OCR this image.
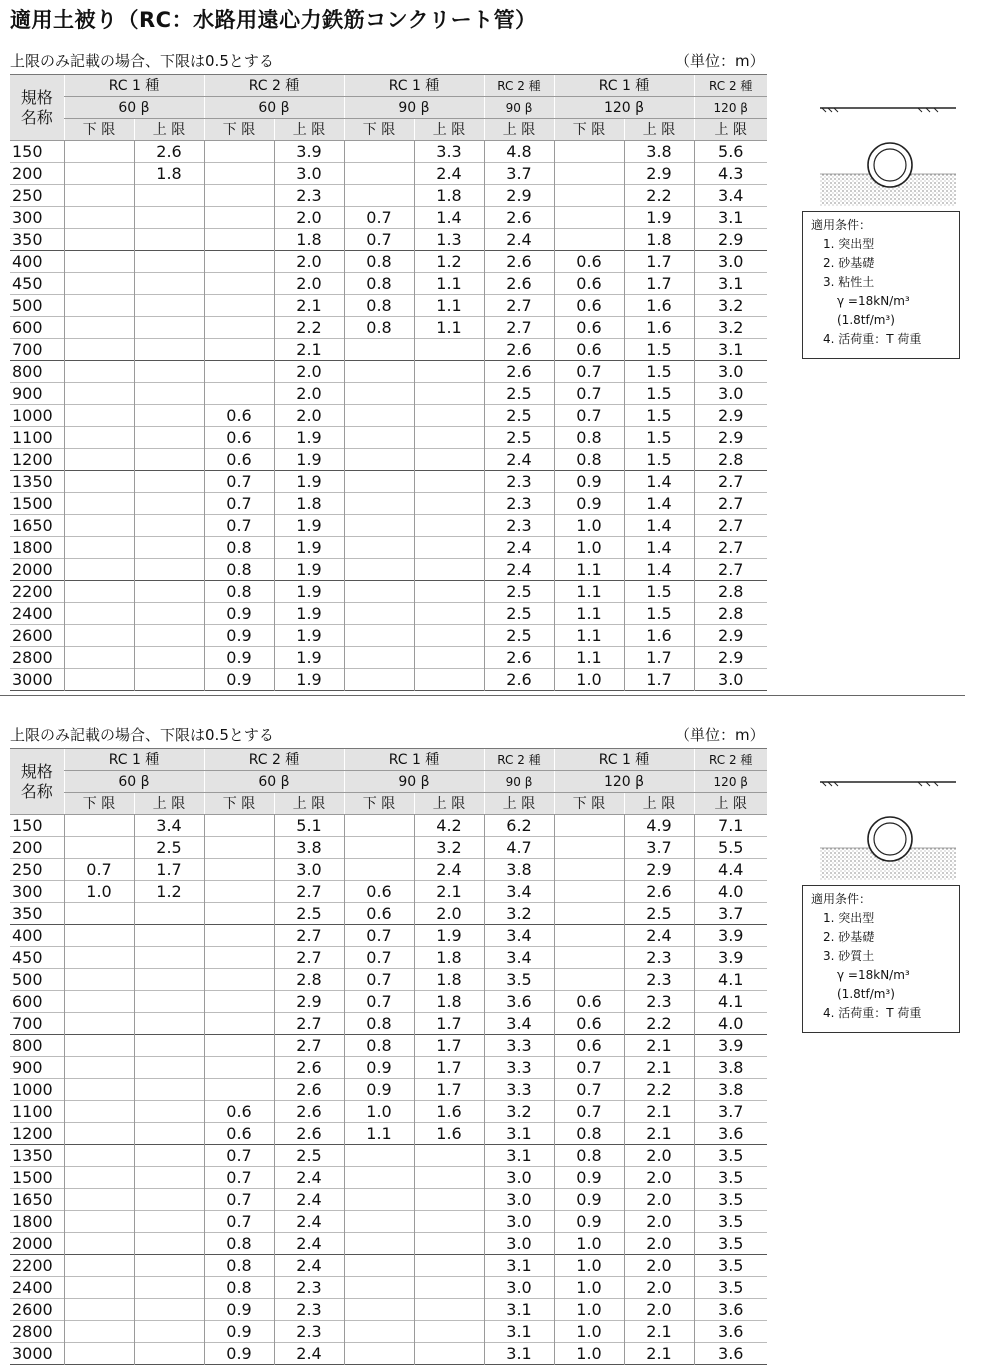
適用土被り（RC：水路用遠心力鉄筋コンクリート管）
上限のみ記載の場合、下限は0.5とする	（単位：m）
規格
名称	RC 1 種		RC 2 種		RC 1 種		RC 2 種	RC 1 種		RC 2 種
	60 β		60 β		90 β		90 β	120 β		120 β
	下 限	上 限	下 限	上 限	下 限	上 限	上 限	下 限	上 限	上 限
150		2.6		3.9		3.3	4.8		3.8	5.6
200		1.8		3.0		2.4	3.7		2.9	4.3
250				2.3		1.8	2.9		2.2	3.4
300				2.0	0.7	1.4	2.6		1.9	3.1
350				1.8	0.7	1.3	2.4		1.8	2.9
400				2.0	0.8	1.2	2.6	0.6	1.7	3.0
450				2.0	0.8	1.1	2.6	0.6	1.7	3.1
500				2.1	0.8	1.1	2.7	0.6	1.6	3.2
600				2.2	0.8	1.1	2.7	0.6	1.6	3.2
700				2.1			2.6	0.6	1.5	3.1
800				2.0			2.6	0.7	1.5	3.0
900				2.0			2.5	0.7	1.5	3.0
1000			0.6	2.0			2.5	0.7	1.5	2.9
1100			0.6	1.9			2.5	0.8	1.5	2.9
1200			0.6	1.9			2.4	0.8	1.5	2.8
1350			0.7	1.9			2.3	0.9	1.4	2.7
1500			0.7	1.8			2.3	0.9	1.4	2.7
1650			0.7	1.9			2.3	1.0	1.4	2.7
1800			0.8	1.9			2.4	1.0	1.4	2.7
2000			0.8	1.9			2.4	1.1	1.4	2.7
2200			0.8	1.9			2.5	1.1	1.5	2.8
2400			0.9	1.9			2.5	1.1	1.5	2.8
2600			0.9	1.9			2.5	1.1	1.6	2.9
2800			0.9	1.9			2.6	1.1	1.7	2.9
3000			0.9	1.9			2.6	1.0	1.7	3.0
適用条件：
1. 突出型
2. 砂基礎
3. 粘性土
γ =18kN/m³
(1.8tf/m³)
4. 活荷重：T 荷重
上限のみ記載の場合、下限は0.5とする	（単位：m）
規格
名称	RC 1 種		RC 2 種		RC 1 種		RC 2 種	RC 1 種		RC 2 種
	60 β		60 β		90 β		90 β	120 β		120 β
	下 限	上 限	下 限	上 限	下 限	上 限	上 限	下 限	上 限	上 限
150		3.4		5.1		4.2	6.2		4.9	7.1
200		2.5		3.8		3.2	4.7		3.7	5.5
250	0.7	1.7		3.0		2.4	3.8		2.9	4.4
300	1.0	1.2		2.7	0.6	2.1	3.4		2.6	4.0
350				2.5	0.6	2.0	3.2		2.5	3.7
400				2.7	0.7	1.9	3.4		2.4	3.9
450				2.7	0.7	1.8	3.4		2.3	3.9
500				2.8	0.7	1.8	3.5		2.3	4.1
600				2.9	0.7	1.8	3.6	0.6	2.3	4.1
700				2.7	0.8	1.7	3.4	0.6	2.2	4.0
800				2.7	0.8	1.7	3.3	0.6	2.1	3.9
900				2.6	0.9	1.7	3.3	0.7	2.1	3.8
1000				2.6	0.9	1.7	3.3	0.7	2.2	3.8
1100			0.6	2.6	1.0	1.6	3.2	0.7	2.1	3.7
1200			0.6	2.6	1.1	1.6	3.1	0.8	2.1	3.6
1350			0.7	2.5			3.1	0.8	2.0	3.5
1500			0.7	2.4			3.0	0.9	2.0	3.5
1650			0.7	2.4			3.0	0.9	2.0	3.5
1800			0.7	2.4			3.0	0.9	2.0	3.5
2000			0.8	2.4			3.0	1.0	2.0	3.5
2200			0.8	2.4			3.1	1.0	2.0	3.5
2400			0.8	2.3			3.0	1.0	2.0	3.5
2600			0.9	2.3			3.1	1.0	2.0	3.6
2800			0.9	2.3			3.1	1.0	2.1	3.6
3000			0.9	2.4			3.1	1.0	2.1	3.6
適用条件：
1. 突出型
2. 砂基礎
3. 砂質土
γ =18kN/m³
(1.8tf/m³)
4. 活荷重：T 荷重
